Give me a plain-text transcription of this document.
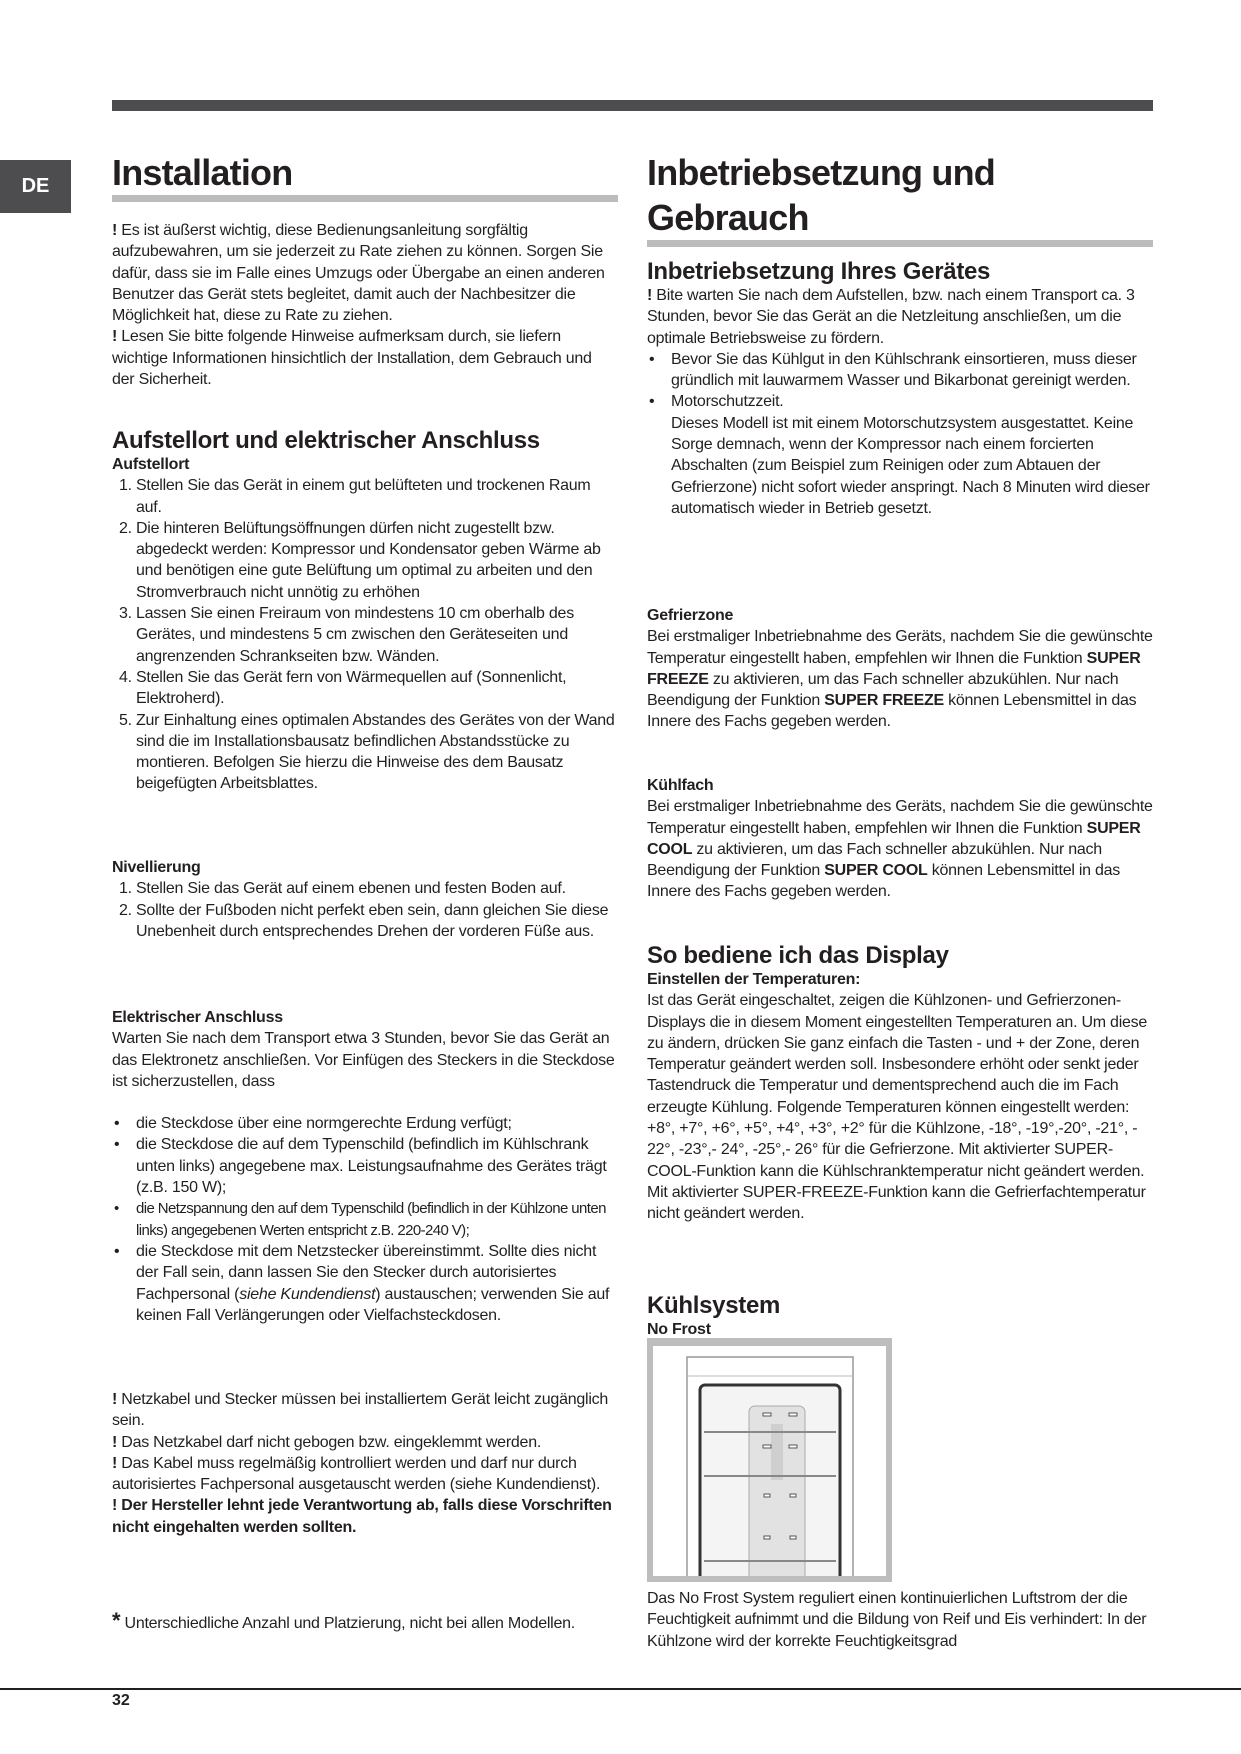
DE	Installation

! Es ist äußerst wichtig, diese Bedienungsanleitung sorgfältig aufzubewahren, um sie jederzeit zu Rate ziehen zu können. Sorgen Sie dafür, dass sie im Falle eines Umzugs oder Übergabe an einen anderen Benutzer das Gerät stets begleitet, damit auch der Nachbesitzer die Möglichkeit hat, diese zu Rate zu ziehen.

! Lesen Sie bitte folgende Hinweise aufmerksam durch, sie liefern wichtige Informationen hinsichtlich der Installation, dem Gebrauch und der Sicherheit.

Aufstellort und elektrischer Anschluss
Aufstellort
1. Stellen Sie das Gerät in einem gut belüfteten und trockenen Raum auf.
2. Die hinteren Belüftungsöffnungen dürfen nicht zugestellt bzw. abgedeckt werden: Kompressor und Kondensator geben Wärme ab und benötigen eine gute Belüftung um optimal zu arbeiten und den Stromverbrauch nicht unnötig zu erhöhen
3. Lassen Sie einen Freiraum von mindestens 10 cm oberhalb des Gerätes, und mindestens 5 cm zwischen den Geräteseiten und angrenzenden Schrankseiten bzw. Wänden.
4. Stellen Sie das Gerät fern von Wärmequellen auf (Sonnenlicht, Elektroherd).
5. Zur Einhaltung eines optimalen Abstandes des Gerätes von der Wand sind die im Installationsbausatz befindlichen Abstandsstücke zu montieren. Befolgen Sie hierzu die Hinweise des dem Bausatz beigefügten Arbeitsblattes.
Nivellierung
1. Stellen Sie das Gerät auf einem ebenen und festen Boden auf.
2. Sollte der Fußboden nicht perfekt eben sein, dann gleichen Sie diese Unebenheit durch entsprechendes Drehen der vorderen Füße aus.
Elektrischer Anschluss

Warten Sie nach dem Transport etwa 3 Stunden, bevor Sie das Gerät an das Elektronetz anschließen. Vor Einfügen des Steckers in die Steckdose ist sicherzustellen, dass

• die Steckdose über eine normgerechte Erdung verfügt;
• die Steckdose die auf dem Typenschild (befindlich im Kühlschrank unten links) angegebene max. Leistungsaufnahme des Gerätes trägt (z.B. 150 W);
• die Netzspannung den auf dem Typenschild (befindlich in der Kühlzone unten links) angegebenen Werten entspricht z.B. 220-240 V);
• die Steckdose mit dem Netzstecker übereinstimmt. Sollte dies nicht der Fall sein, dann lassen Sie den Stecker durch autorisiertes Fachpersonal (siehe Kundendienst) austauschen; verwenden Sie auf keinen Fall Verlängerungen oder Vielfachsteckdosen.

! Netzkabel und Stecker müssen bei installiertem Gerät leicht zugänglich sein.

! Das Netzkabel darf nicht gebogen bzw. eingeklemmt werden.

! Das Kabel muss regelmäßig kontrolliert werden und darf nur durch autorisiertes Fachpersonal ausgetauscht werden (siehe Kundendienst).

! Der Hersteller lehnt jede Verantwortung ab, falls diese Vorschriften nicht eingehalten werden sollten.

* Unterschiedliche Anzahl und Platzierung, nicht bei allen Modellen.

Inbetriebsetzung und Gebrauch
Inbetriebsetzung Ihres Gerätes

! Bite warten Sie nach dem Aufstellen, bzw. nach einem Transport ca. 3 Stunden, bevor Sie das Gerät an die Netzleitung anschließen, um die optimale Betriebsweise zu fördern.

• Bevor Sie das Kühlgut in den Kühlschrank einsortieren, muss dieser gründlich mit lauwarmem Wasser und Bikarbonat gereinigt werden.
• Motorschutzzeit.
Dieses Modell ist mit einem Motorschutzsystem ausgestattet. Keine Sorge demnach, wenn der Kompressor nach einem forcierten Abschalten (zum Beispiel zum Reinigen oder zum Abtauen der Gefrierzone) nicht sofort wieder anspringt. Nach 8 Minuten wird dieser automatisch wieder in Betrieb gesetzt.
Gefrierzone

Bei erstmaliger Inbetriebnahme des Geräts, nachdem Sie die gewünschte Temperatur eingestellt haben, empfehlen wir Ihnen die Funktion SUPER FREEZE zu aktivieren, um das Fach schneller abzukühlen. Nur nach Beendigung der Funktion SUPER FREEZE können Lebensmittel in das Innere des Fachs gegeben werden.

Kühlfach

Bei erstmaliger Inbetriebnahme des Geräts, nachdem Sie die gewünschte Temperatur eingestellt haben, empfehlen wir Ihnen die Funktion SUPER COOL zu aktivieren, um das Fach schneller abzukühlen. Nur nach Beendigung der Funktion SUPER COOL können Lebensmittel in das Innere des Fachs gegeben werden.

So bediene ich das Display
Einstellen der Temperaturen:

Ist das Gerät eingeschaltet, zeigen die Kühlzonen- und Gefrierzonen-Displays die in diesem Moment eingestellten Temperaturen an. Um diese zu ändern, drücken Sie ganz einfach die Tasten - und + der Zone, deren Temperatur geändert werden soll. Insbesondere erhöht oder senkt jeder Tastendruck die Temperatur und dementsprechend auch die im Fach erzeugte Kühlung. Folgende Temperaturen können eingestellt werden: +8°, +7°, +6°, +5°, +4°, +3°, +2° für die Kühlzone, -18°, -19°,-20°, -21°, - 22°, -23°,- 24°, -25°,- 26° für die Gefrierzone. Mit aktivierter SUPER-COOL-Funktion kann die Kühlschranktemperatur nicht geändert werden. Mit aktivierter SUPER-FREEZE-Funktion kann die Gefrierfachtemperatur nicht geändert werden.

Kühlsystem
No Frost

Das No Frost System reguliert einen kontinuierlichen Luftstrom der die Feuchtigkeit aufnimmt und die Bildung von Reif und Eis verhindert: In der Kühlzone wird der korrekte Feuchtigkeitsgrad

32
